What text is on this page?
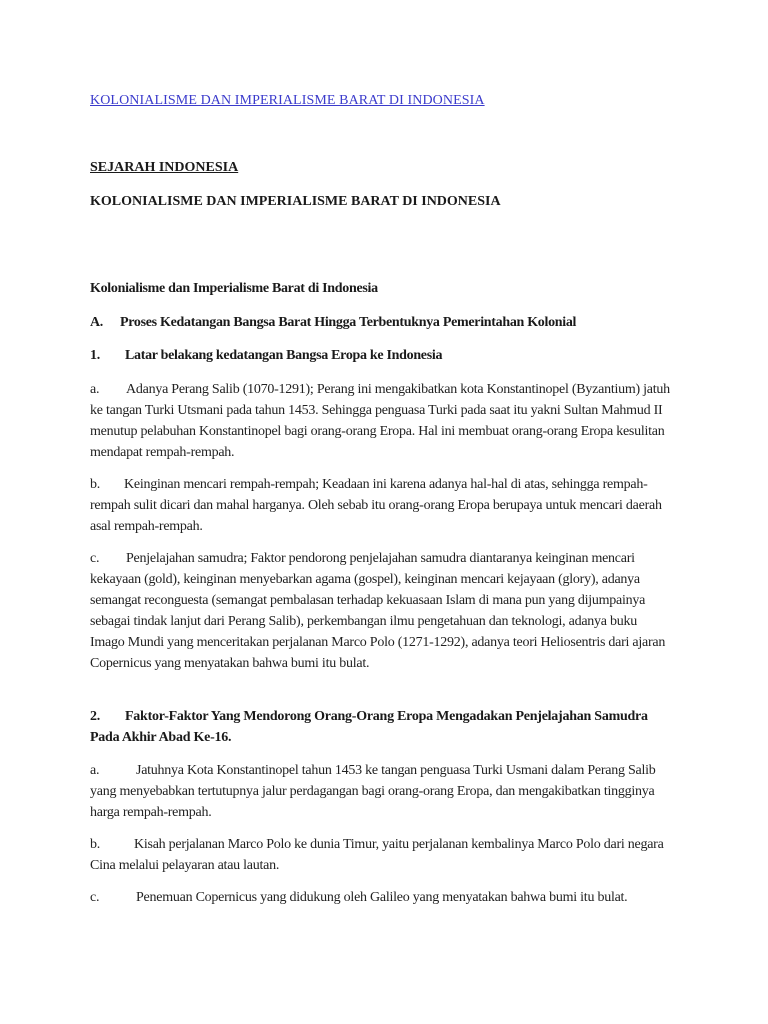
KOLONIALISME DAN IMPERIALISME BARAT DI INDONESIA
SEJARAH INDONESIA
KOLONIALISME DAN IMPERIALISME BARAT DI INDONESIA
Kolonialisme dan Imperialisme Barat di Indonesia
A.	Proses Kedatangan Bangsa Barat Hingga Terbentuknya Pemerintahan Kolonial
1.	Latar belakang kedatangan Bangsa Eropa ke Indonesia
a. Adanya Perang Salib (1070-1291); Perang ini mengakibatkan kota Konstantinopel (Byzantium) jatuh ke tangan Turki Utsmani pada tahun 1453. Sehingga penguasa Turki pada saat itu yakni Sultan Mahmud II menutup pelabuhan Konstantinopel bagi orang-orang Eropa. Hal ini membuat orang-orang Eropa kesulitan mendapat rempah-rempah.
b. Keinginan mencari rempah-rempah; Keadaan ini karena adanya hal-hal di atas, sehingga rempah-rempah sulit dicari dan mahal harganya. Oleh sebab itu orang-orang Eropa berupaya untuk mencari daerah asal rempah-rempah.
c. Penjelajahan samudra; Faktor pendorong penjelajahan samudra diantaranya keinginan mencari kekayaan (gold), keinginan menyebarkan agama (gospel), keinginan mencari kejayaan (glory), adanya semangat reconguesta (semangat pembalasan terhadap kekuasaan Islam di mana pun yang dijumpainya sebagai tindak lanjut dari Perang Salib), perkembangan ilmu pengetahuan dan teknologi, adanya buku Imago Mundi yang menceritakan perjalanan Marco Polo (1271-1292), adanya teori Heliosentris dari ajaran Copernicus yang menyatakan bahwa bumi itu bulat.
2. Faktor-Faktor Yang Mendorong Orang-Orang Eropa Mengadakan Penjelajahan Samudra Pada Akhir Abad Ke-16.
a.	Jatuhnya Kota Konstantinopel tahun 1453 ke tangan penguasa Turki Usmani dalam Perang Salib yang menyebabkan tertutupnya jalur perdagangan bagi orang-orang Eropa, dan mengakibatkan tingginya harga rempah-rempah.
b. Kisah perjalanan Marco Polo ke dunia Timur, yaitu perjalanan kembalinya Marco Polo dari negara Cina melalui pelayaran atau lautan.
c.	Penemuan Copernicus yang didukung oleh Galileo yang menyatakan bahwa bumi itu bulat.
